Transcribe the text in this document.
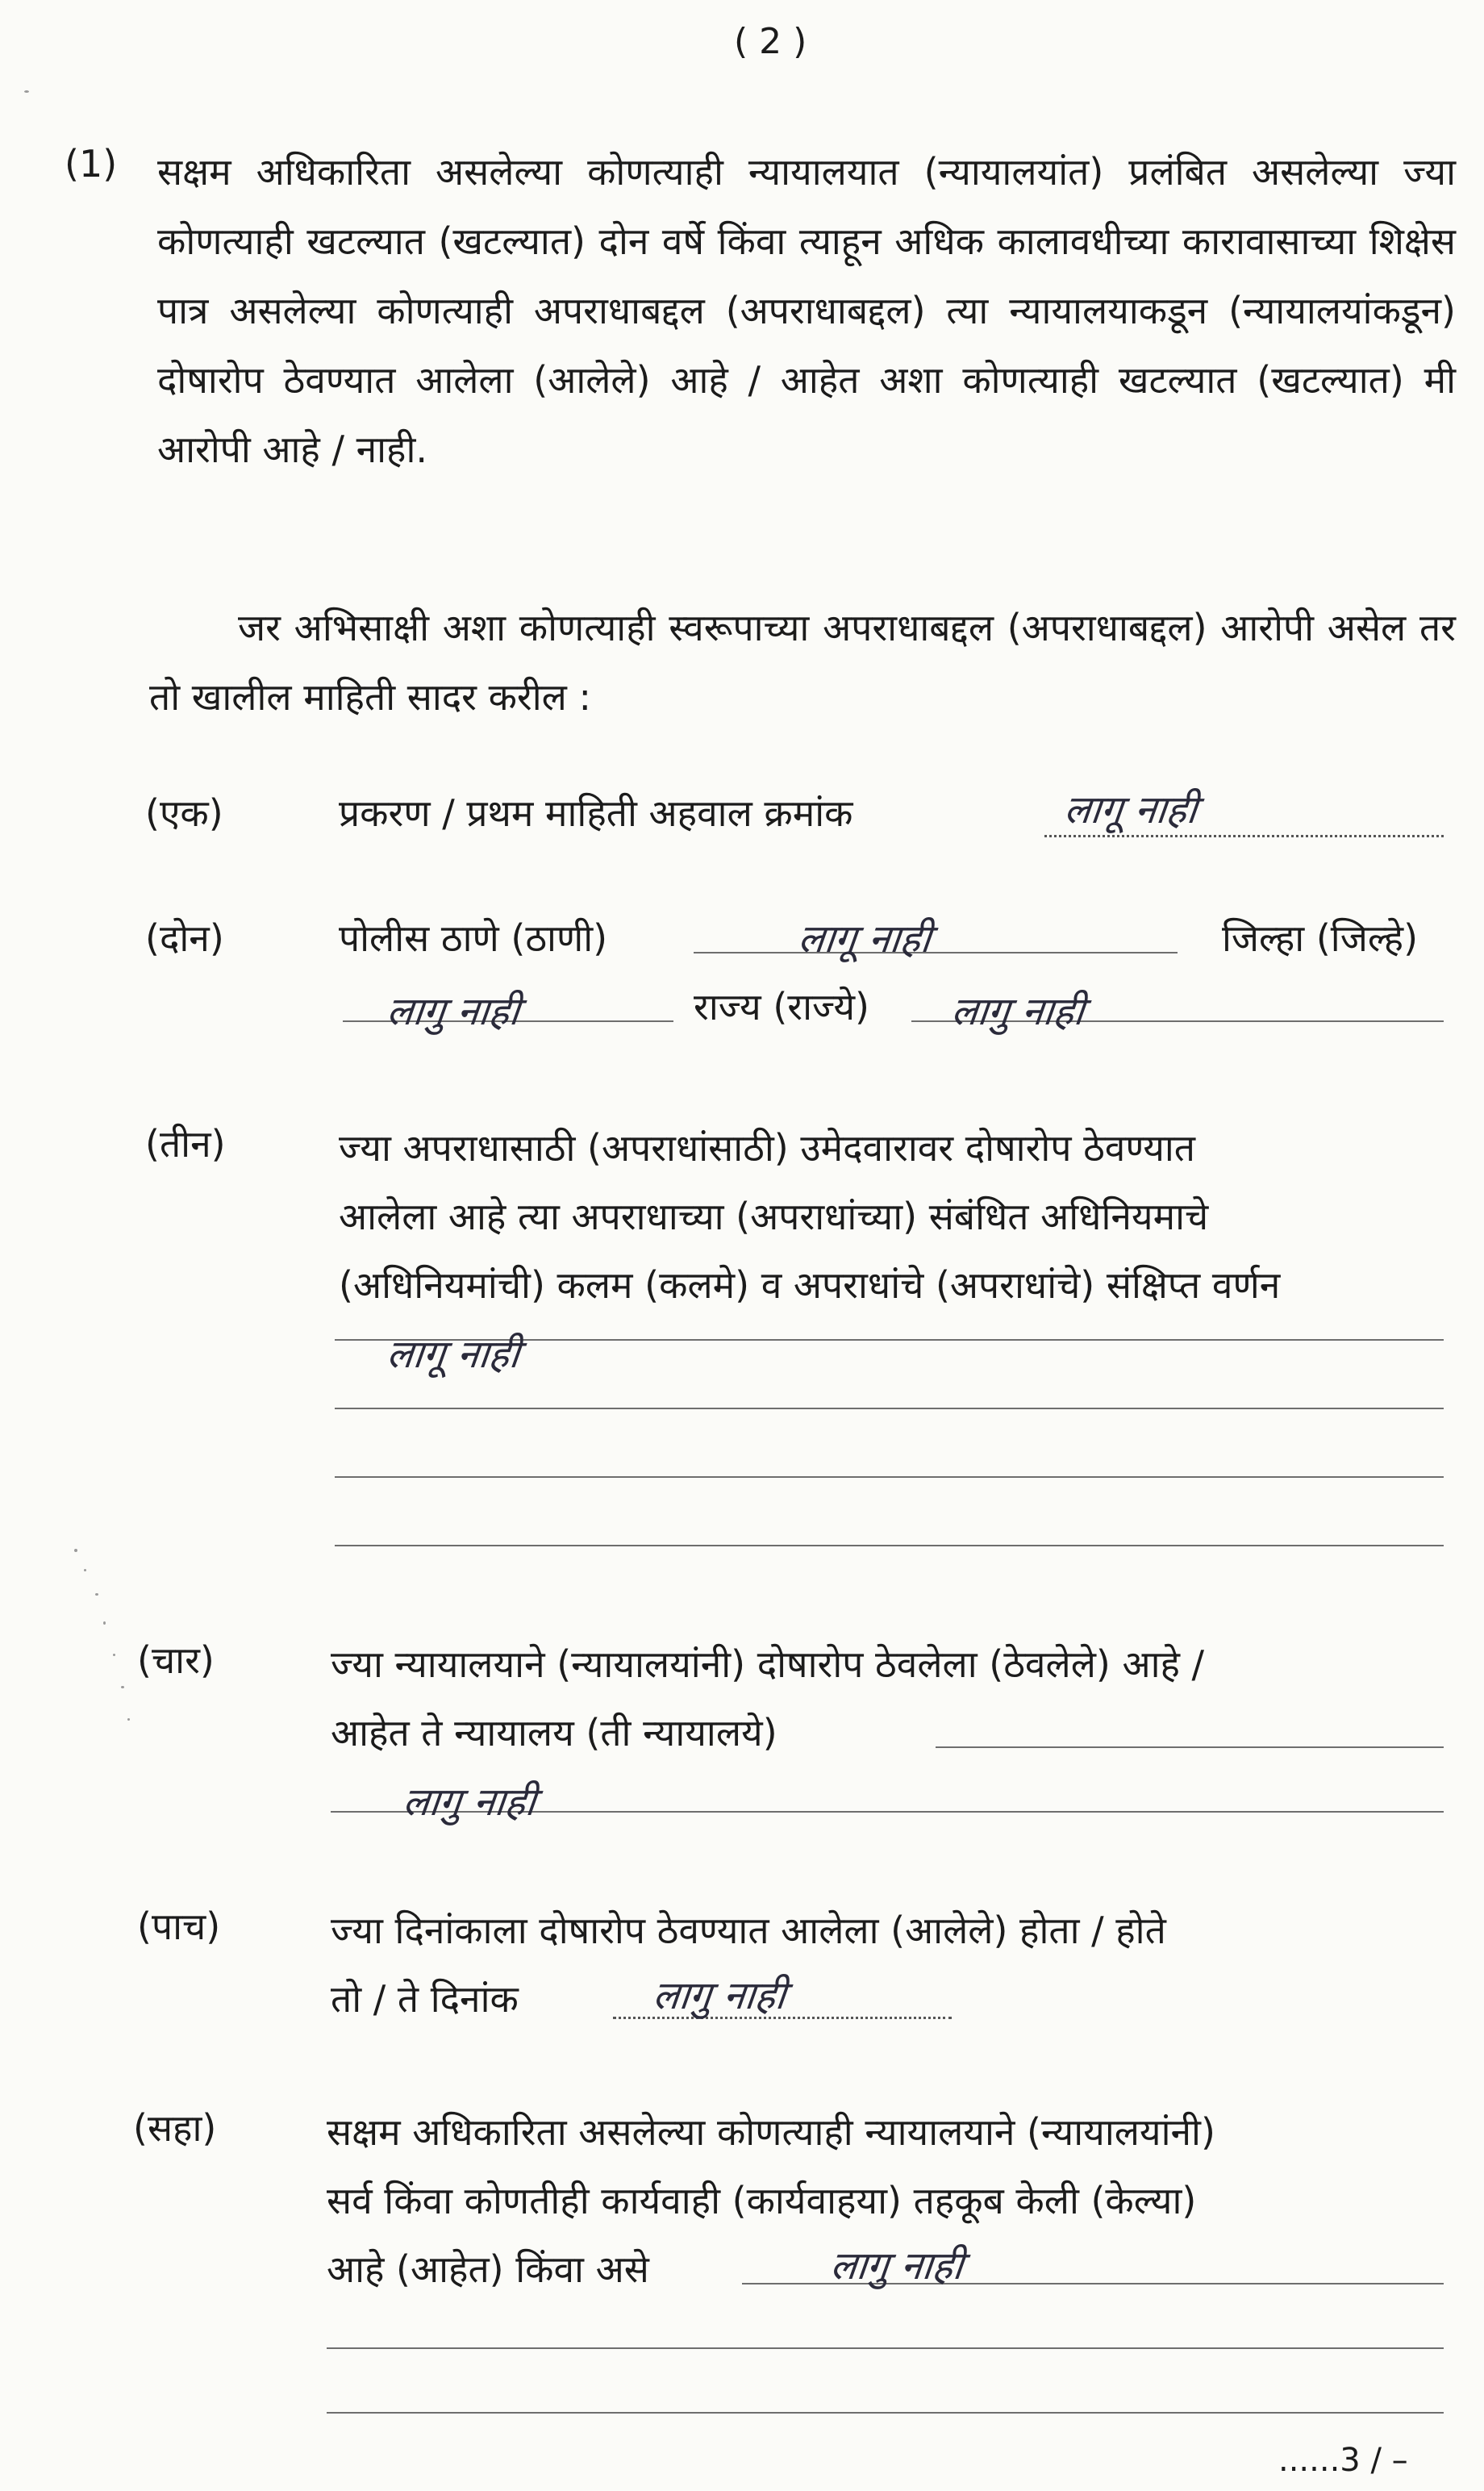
( 2 )
(1) सक्षम अधिकारिता असलेल्या कोणत्याही न्यायालयात (न्यायालयांत) प्रलंबित असलेल्या ज्या कोणत्याही खटल्यात (खटल्यात) दोन वर्षे किंवा त्याहून अधिक कालावधीच्या कारावासाच्या शिक्षेस पात्र असलेल्या कोणत्याही अपराधाबद्दल (अपराधाबद्दल) त्या न्यायालयाकडून (न्यायालयांकडून) दोषारोप ठेवण्यात आलेला (आलेले) आहे / आहेत अशा कोणत्याही खटल्यात (खटल्यात) मी आरोपी आहे / नाही.
जर अभिसाक्षी अशा कोणत्याही स्वरूपाच्या अपराधाबद्दल (अपराधाबद्दल) आरोपी असेल तर तो खालील माहिती सादर करील :
(एक)	प्रकरण / प्रथम माहिती अहवाल क्रमांक	लागू नाही
(दोन)	पोलीस ठाणे (ठाणी)	लागू नाही	जिल्हा (जिल्हे)
लागु नाही	राज्य (राज्ये) लागु नाही
(तीन)	ज्या अपराधासाठी (अपराधांसाठी) उमेदवारावर दोषारोप ठेवण्यात
आलेला आहे त्या अपराधाच्या (अपराधांच्या) संबंधित अधिनियमाचे
(अधिनियमांची) कलम (कलमे) व अपराधांचे (अपराधांचे) संक्षिप्त वर्णन
लागू नाही
(चार)	ज्या न्यायालयाने (न्यायालयांनी) दोषारोप ठेवलेला (ठेवलेले) आहे /
आहेत ते न्यायालय (ती न्यायालये)
लागु नाही
(पाच)	ज्या दिनांकाला दोषारोप ठेवण्यात आलेला (आलेले) होता / होते
तो / ते दिनांक	लागु नाही
(सहा)	सक्षम अधिकारिता असलेल्या कोणत्याही न्यायालयाने (न्यायालयांनी)
सर्व किंवा कोणतीही कार्यवाही (कार्यवाहया) तहकूब केली (केल्या)
आहे (आहेत) किंवा असे	लागु नाही
......3 / –
